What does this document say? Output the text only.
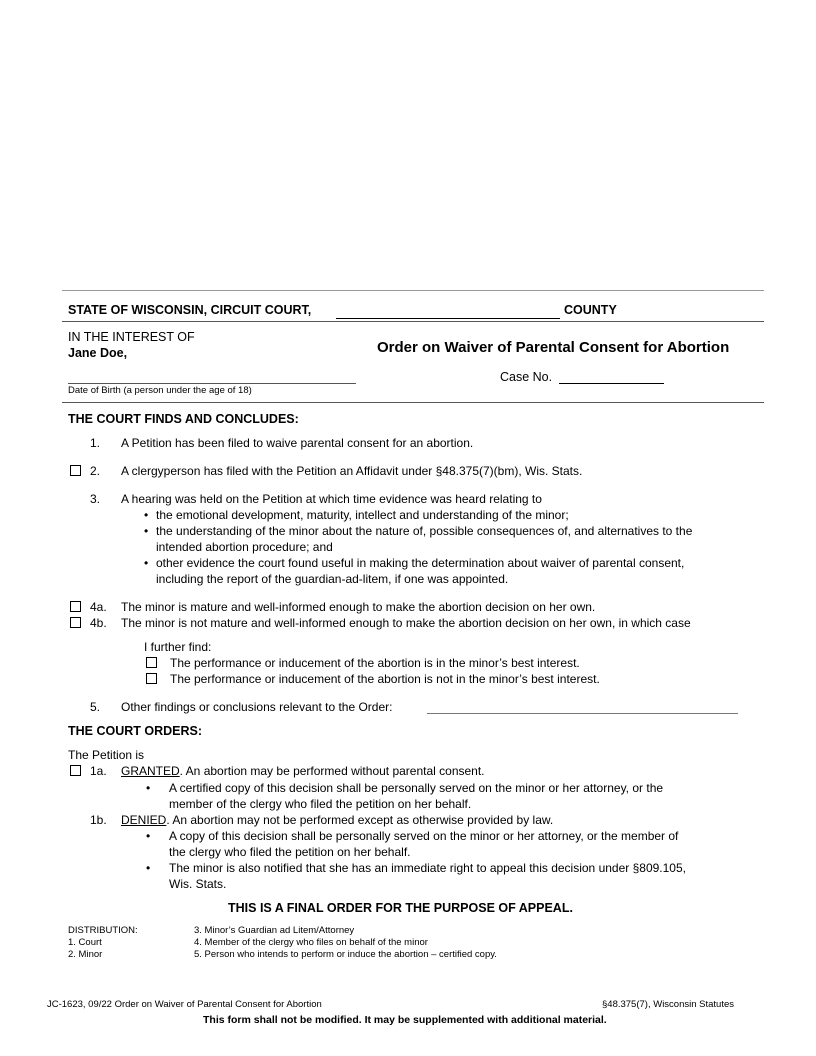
STATE OF WISCONSIN, CIRCUIT COURT,	COUNTY
IN THE INTEREST OF
Jane Doe,	Order on Waiver of Parental Consent for Abortion
Case No.
Date of Birth (a person under the age of 18)
THE COURT FINDS AND CONCLUDES:
1. A Petition has been filed to waive parental consent for an abortion.
2. A clergyperson has filed with the Petition an Affidavit under §48.375(7)(bm), Wis. Stats.
3. A hearing was held on the Petition at which time evidence was heard relating to
• the emotional development, maturity, intellect and understanding of the minor;
• the understanding of the minor about the nature of, possible consequences of, and alternatives to the
intended abortion procedure; and
• other evidence the court found useful in making the determination about waiver of parental consent,
including the report of the guardian-ad-litem, if one was appointed.
4a. The minor is mature and well-informed enough to make the abortion decision on her own.
4b. The minor is not mature and well-informed enough to make the abortion decision on her own, in which case
I further find:
The performance or inducement of the abortion is in the minor’s best interest.
The performance or inducement of the abortion is not in the minor’s best interest.
5. Other findings or conclusions relevant to the Order:
THE COURT ORDERS:
The Petition is
1a. GRANTED. An abortion may be performed without parental consent.
• A certified copy of this decision shall be personally served on the minor or her attorney, or the
member of the clergy who filed the petition on her behalf.
1b. DENIED. An abortion may not be performed except as otherwise provided by law.
• A copy of this decision shall be personally served on the minor or her attorney, or the member of
the clergy who filed the petition on her behalf.
• The minor is also notified that she has an immediate right to appeal this decision under §809.105,
Wis. Stats.
THIS IS A FINAL ORDER FOR THE PURPOSE OF APPEAL.
DISTRIBUTION:
1. Court
2. Minor
3. Minor’s Guardian ad Litem/Attorney
4. Member of the clergy who files on behalf of the minor
5. Person who intends to perform or induce the abortion – certified copy.
JC-1623, 09/22 Order on Waiver of Parental Consent for Abortion	§48.375(7), Wisconsin Statutes
This form shall not be modified. It may be supplemented with additional material.
